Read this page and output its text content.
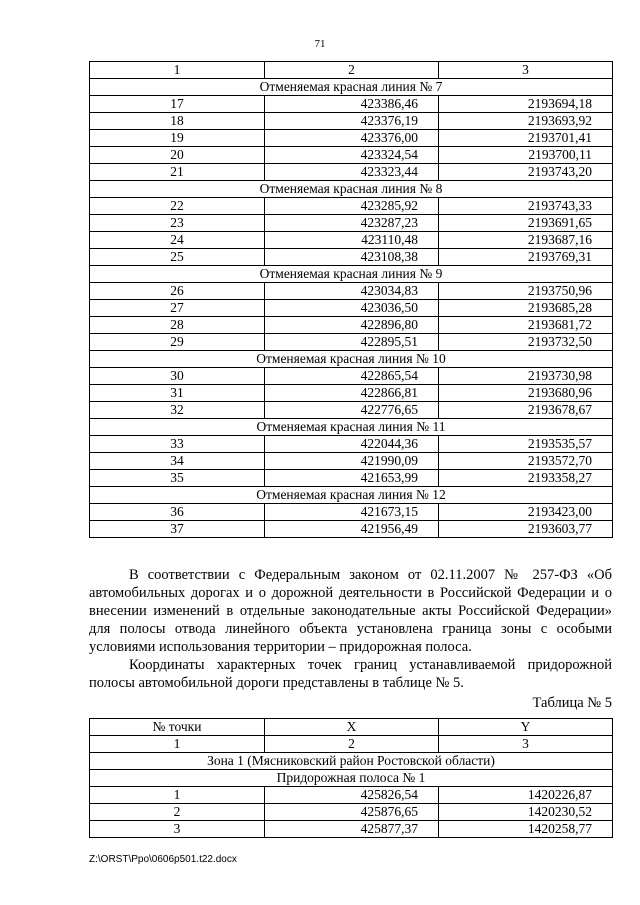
71
1	2	3
Отменяемая красная линия № 7		
17	423386,46	2193694,18
18	423376,19	2193693,92
19	423376,00	2193701,41
20	423324,54	2193700,11
21	423323,44	2193743,20
Отменяемая красная линия № 8		
22	423285,92	2193743,33
23	423287,23	2193691,65
24	423110,48	2193687,16
25	423108,38	2193769,31
Отменяемая красная линия № 9		
26	423034,83	2193750,96
27	423036,50	2193685,28
28	422896,80	2193681,72
29	422895,51	2193732,50
Отменяемая красная линия № 10		
30	422865,54	2193730,98
31	422866,81	2193680,96
32	422776,65	2193678,67
Отменяемая красная линия № 11		
33	422044,36	2193535,57
34	421990,09	2193572,70
35	421653,99	2193358,27
Отменяемая красная линия № 12		
36	421673,15	2193423,00
37	421956,49	2193603,77

В соответствии с Федеральным законом от 02.11.2007 № 257-ФЗ «Об автомобильных дорогах и о дорожной деятельности в Российской Федерации и о внесении изменений в отдельные законодательные акты Российской Федерации» для полосы отвода линейного объекта установлена граница зоны с особыми условиями использования территории – придорожная полоса.

Координаты характерных точек границ устанавливаемой придорожной полосы автомобильной дороги представлены в таблице № 5.

Таблица № 5
№ точки	X	Y
1	2	3
Зона 1 (Мясниковский район Ростовской области)		
Придорожная полоса № 1		
1	425826,54	1420226,87
2	425876,65	1420230,52
3	425877,37	1420258,77
Z:\ORST\Ppo\0606p501.t22.docx
